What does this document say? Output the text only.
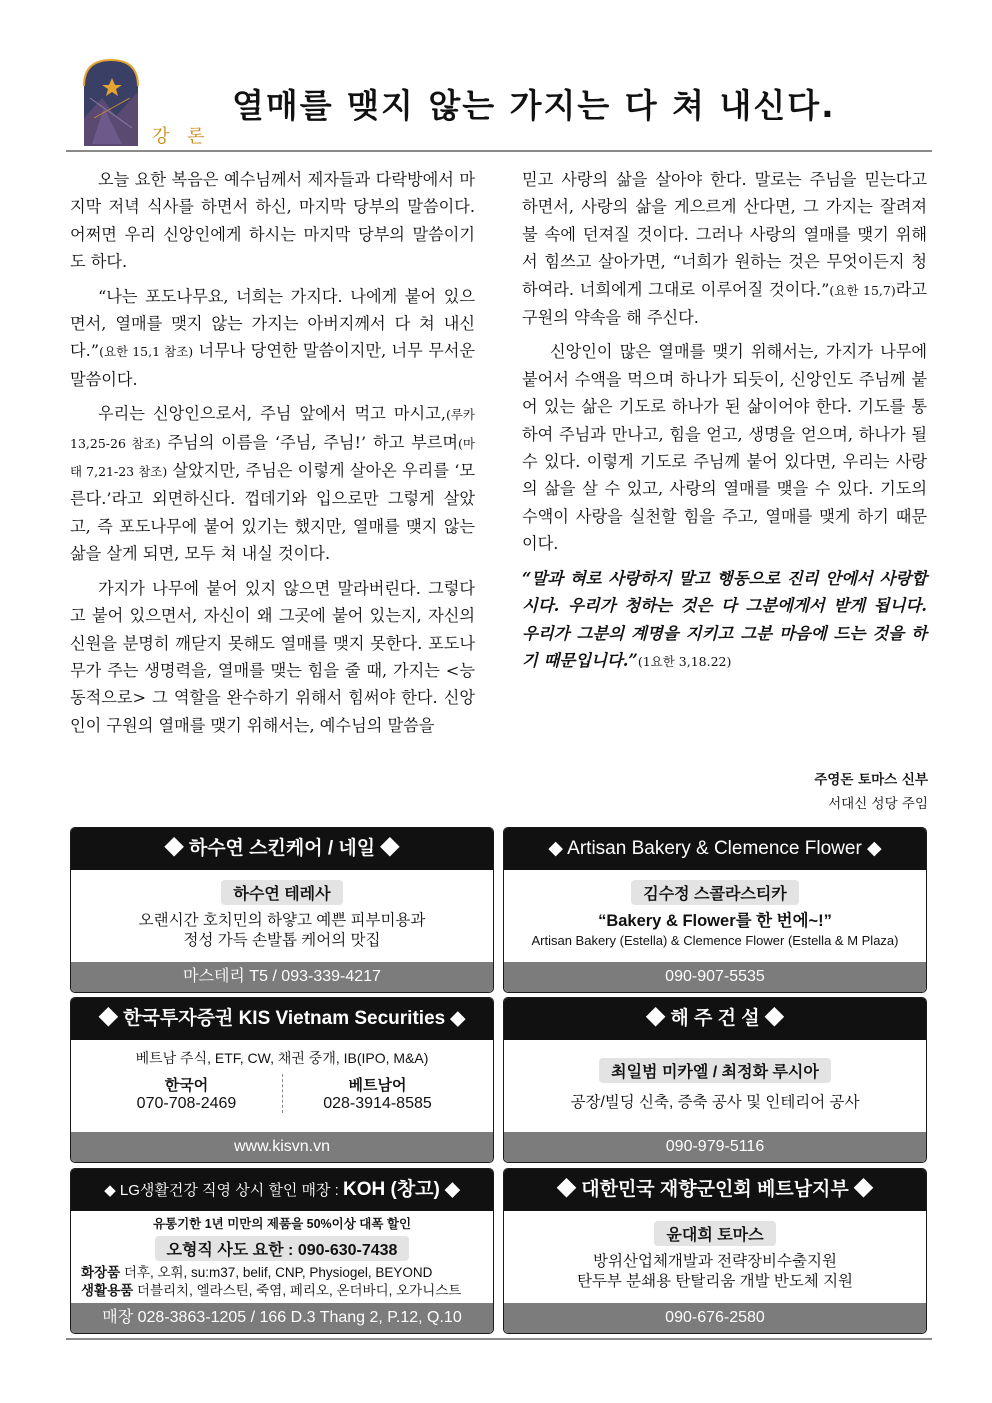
강 론
열매를 맺지 않는 가지는 다 쳐 내신다.

오늘 요한 복음은 예수님께서 제자들과 다락방에서 마지막 저녁 식사를 하면서 하신, 마지막 당부의 말씀이다. 어쩌면 우리 신앙인에게 하시는 마지막 당부의 말씀이기도 하다.

“나는 포도나무요, 너희는 가지다. 나에게 붙어 있으면서, 열매를 맺지 않는 가지는 아버지께서 다 쳐 내신다.”(요한 15,1 참조) 너무나 당연한 말씀이지만, 너무 무서운 말씀이다.

우리는 신앙인으로서, 주님 앞에서 먹고 마시고,(루카 13,25-26 참조) 주님의 이름을 ‘주님, 주님!’ 하고 부르며(마태 7,21-23 참조) 살았지만, 주님은 이렇게 살아온 우리를 ‘모른다.’라고 외면하신다. 껍데기와 입으로만 그렇게 살았고, 즉 포도나무에 붙어 있기는 했지만, 열매를 맺지 않는 삶을 살게 되면, 모두 쳐 내실 것이다.

가지가 나무에 붙어 있지 않으면 말라버린다. 그렇다고 붙어 있으면서, 자신이 왜 그곳에 붙어 있는지, 자신의 신원을 분명히 깨닫지 못해도 열매를 맺지 못한다. 포도나무가 주는 생명력을, 열매를 맺는 힘을 줄 때, 가지는 <능동적으로> 그 역할을 완수하기 위해서 힘써야 한다. 신앙인이 구원의 열매를 맺기 위해서는, 예수님의 말씀을

믿고 사랑의 삶을 살아야 한다. 말로는 주님을 믿는다고 하면서, 사랑의 삶을 게으르게 산다면, 그 가지는 잘려져 불 속에 던져질 것이다. 그러나 사랑의 열매를 맺기 위해서 힘쓰고 살아가면, “너희가 원하는 것은 무엇이든지 청하여라. 너희에게 그대로 이루어질 것이다.”(요한 15,7)라고 구원의 약속을 해 주신다.

신앙인이 많은 열매를 맺기 위해서는, 가지가 나무에 붙어서 수액을 먹으며 하나가 되듯이, 신앙인도 주님께 붙어 있는 삶은 기도로 하나가 된 삶이어야 한다. 기도를 통하여 주님과 만나고, 힘을 얻고, 생명을 얻으며, 하나가 될 수 있다. 이렇게 기도로 주님께 붙어 있다면, 우리는 사랑의 삶을 살 수 있고, 사랑의 열매를 맺을 수 있다. 기도의 수액이 사랑을 실천할 힘을 주고, 열매를 맺게 하기 때문이다.

“말과 혀로 사랑하지 말고 행동으로 진리 안에서 사랑합시다. 우리가 청하는 것은 다 그분에게서 받게 됩니다. 우리가 그분의 계명을 지키고 그분 마음에 드는 것을 하기 때문입니다.”(1요한 3,18.22)

주영돈 토마스 신부
서대신 성당 주임
◆ 하수연 스킨케어 / 네일 ◆
하수연 테레사
오랜시간 호치민의 하얗고 예쁜 피부미용과
정성 가득 손발톱 케어의 맛집
마스테리 T5 / 093-339-4217
◆ Artisan Bakery & Clemence Flower ◆
김수정 스콜라스티카
“Bakery & Flower를 한 번에~!”
Artisan Bakery (Estella) & Clemence Flower (Estella & M Plaza)
090-907-5535
◆ 한국투자증권 KIS Vietnam Securities ◆
베트남 주식, ETF, CW, 채권 중개, IB(IPO, M&A)
한국어
070-708-2469
베트남어
028-3914-8585
www.kisvn.vn
◆ 해 주 건 설 ◆
최일범 미카엘 / 최정화 루시아
공장/빌딩 신축, 증축 공사 및 인테리어 공사
090-979-5116
◆ LG생활건강 직영 상시 할인 매장 : KOH (창고) ◆
유통기한 1년 미만의 제품을 50%이상 대폭 할인
오형직 사도 요한 : 090-630-7438
화장품 더후, 오휘, su:m37, belif, CNP, Physiogel, BEYOND
생활용품 더블리치, 엘라스틴, 죽염, 페리오, 온더바디, 오가니스트
매장 028-3863-1205 / 166 D.3 Thang 2, P.12, Q.10
◆ 대한민국 재향군인회 베트남지부 ◆
윤대희 토마스
방위산업체개발과 전략장비수출지원
탄두부 분쇄용 탄탈리움 개발 반도체 지원
090-676-2580
